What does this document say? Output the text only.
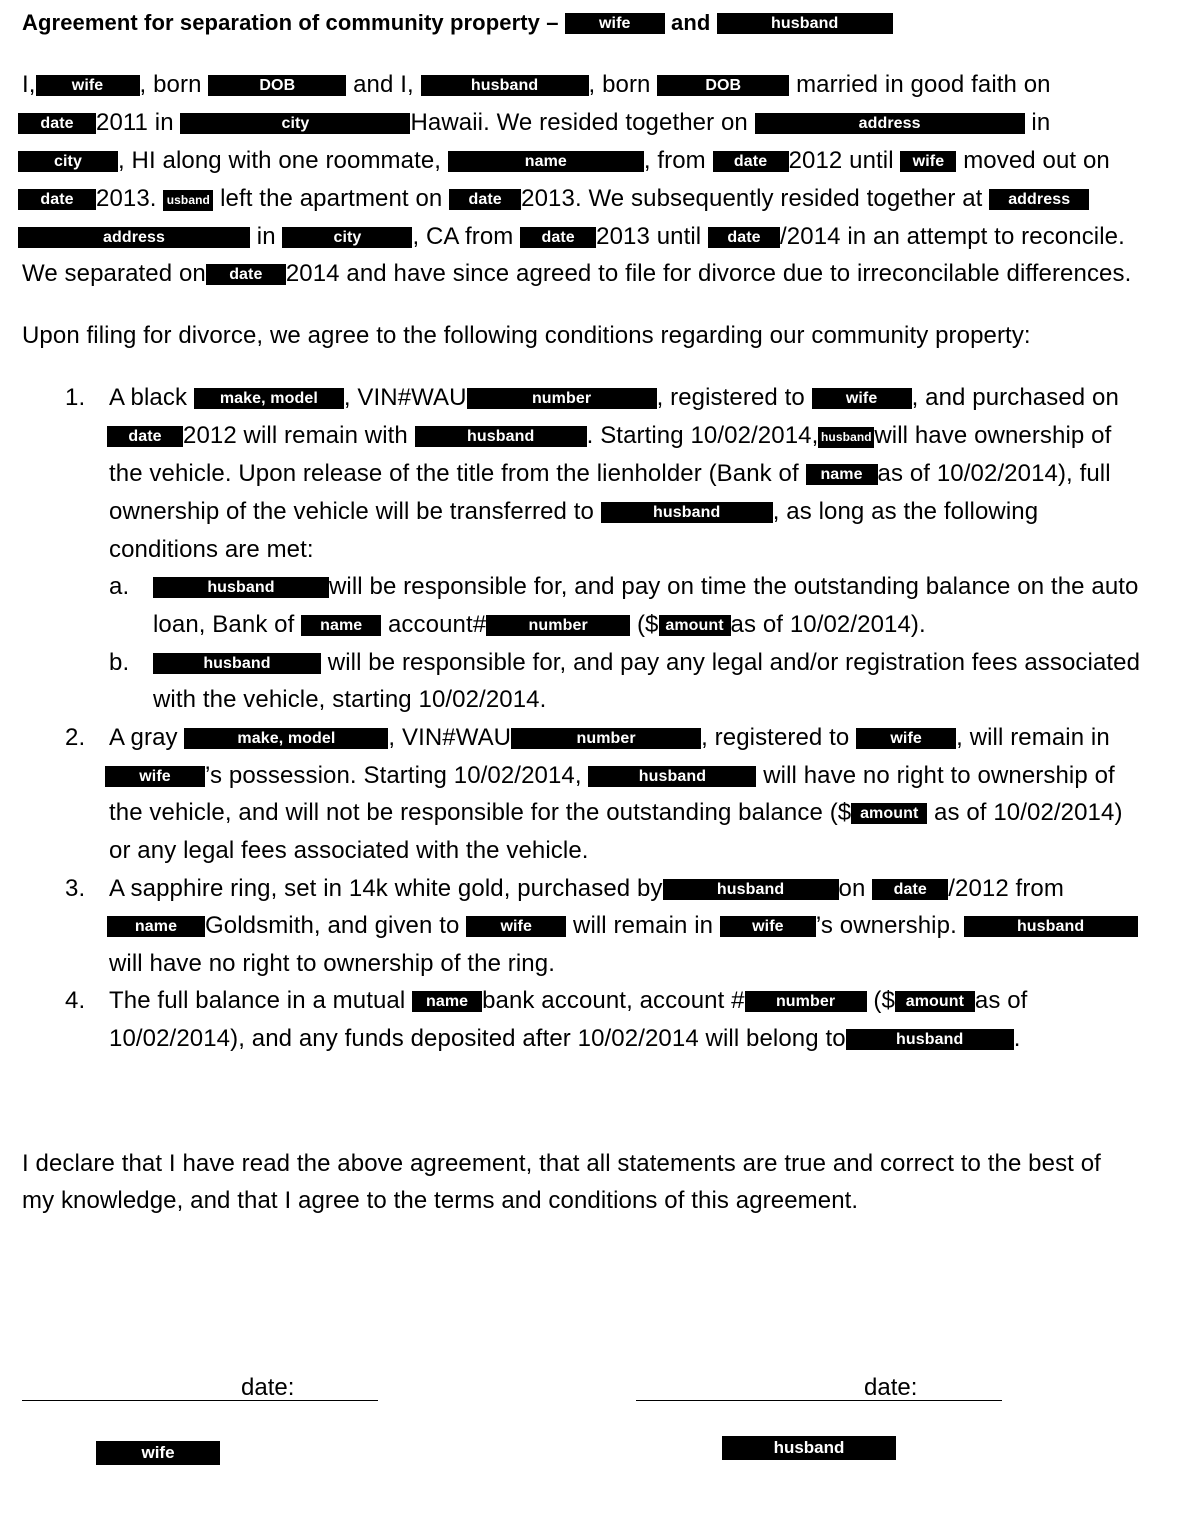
Agreement for separation of community property –	wife and	husband
I, wife , born	DOB and I,	husband , born	DOB married in good faith on
date 2011 in	city	Hawaii. We resided together on	address	in
city , HI along with one roommate,	name	, from date 2012 until wife moved out on
date 2013. usband left the apartment on date 2013. We subsequently resided together at address
address	in	city , CA from date 2013 until date /2014 in an attempt to reconcile.
We separated on date 2014 and have since agreed to file for divorce due to irreconcilable differences.
Upon filing for divorce, we agree to the following conditions regarding our community property:
1. A black make, model , VIN#WAU	number	, registered to	wife , and purchased on
date 2012 will remain with	husband . Starting 10/02/2014, husband will have ownership of
the vehicle. Upon release of the title from the lienholder (Bank of name as of 10/02/2014), full
ownership of the vehicle will be transferred to	husband , as long as the following
conditions are met:
a.	husband will be responsible for, and pay on time the outstanding balance on the auto
loan, Bank of name account#	number ($ amount as of 10/02/2014).
b.	husband will be responsible for, and pay any legal and/or registration fees associated
with the vehicle, starting 10/02/2014.
2. A gray	make, model , VIN#WAU	number	, registered to	wife , will remain in
wife ’s possession. Starting 10/02/2014,	husband will have no right to ownership of
the vehicle, and will not be responsible for the outstanding balance ($ amount as of 10/02/2014)
or any legal fees associated with the vehicle.
3. A sapphire ring, set in 14k white gold, purchased by	husband on date /2012 from
name Goldsmith, and given to	wife will remain in wife ’s ownership.	husband
will have no right to ownership of the ring.
4. The full balance in a mutual name bank account, account # number ($ amount as of
10/02/2014), and any funds deposited after 10/02/2014 will belong to	husband .
I declare that I have read the above agreement, that all statements are true and correct to the best of
my knowledge, and that I agree to the terms and conditions of this agreement.
date:
wife
date:
husband
